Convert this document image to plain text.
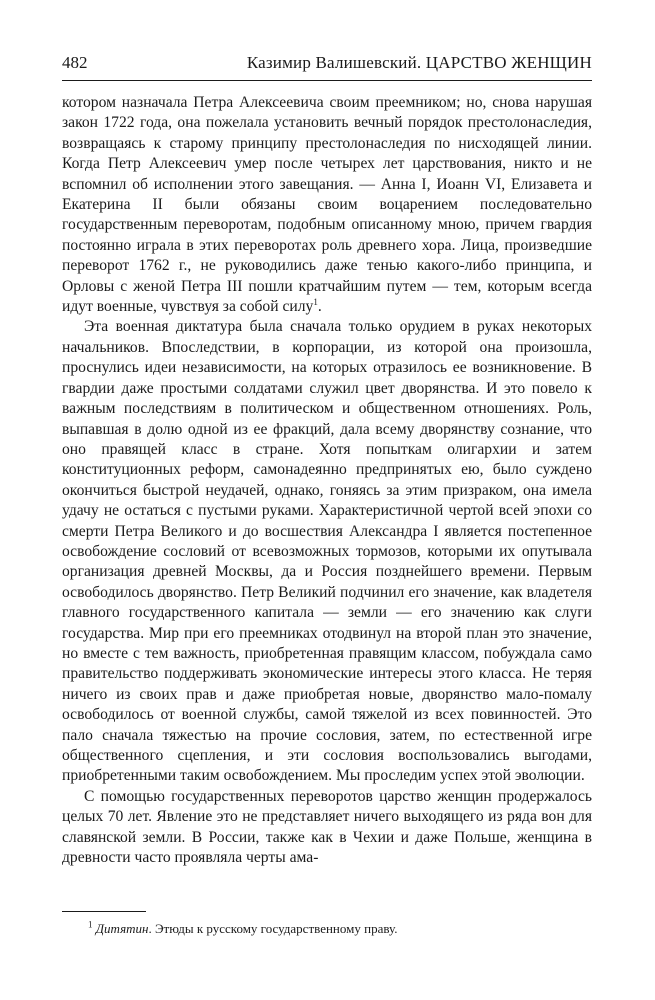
482	Казимир Валишевский. ЦАРСТВО ЖЕНЩИН

котором назначала Петра Алексеевича своим преемником; но, снова нарушая закон 1722 года, она пожелала установить вечный порядок престолонаследия, возвращаясь к старому принципу престолонаследия по нисходящей линии. Когда Петр Алексеевич умер после четырех лет царствования, никто и не вспомнил об исполнении этого завещания. — Анна I, Иоанн VI, Елизавета и Екатерина II были обязаны своим воцарением последовательно государственным переворотам, подобным описанному мною, причем гвардия постоянно играла в этих переворотах роль древнего хора. Лица, произведшие переворот 1762 г., не руководились даже тенью какого-либо принципа, и Орловы с женой Петра III пошли кратчайшим путем — тем, которым всегда идут военные, чувствуя за собой силу$^1$.

Эта военная диктатура была сначала только орудием в руках некоторых начальников. Впоследствии, в корпорации, из которой она произошла, проснулись идеи независимости, на которых отразилось ее возникновение. В гвардии даже простыми солдатами служил цвет дворянства. И это повело к важным последствиям в политическом и общественном отношениях. Роль, выпавшая в долю одной из ее фракций, дала всему дворянству сознание, что оно правящей класс в стране. Хотя попыткам олигархии и затем конституционных реформ, самонадеянно предпринятых ею, было суждено окончиться быстрой неудачей, однако, гоняясь за этим призраком, она имела удачу не остаться с пустыми руками. Характеристичной чертой всей эпохи со смерти Петра Великого и до восшествия Александра I является постепенное освобождение сословий от всевозможных тормозов, которыми их опутывала организация древней Москвы, да и Россия позднейшего времени. Первым освободилось дворянство. Петр Великий подчинил его значение, как владетеля главного государственного капитала — земли — его значению как слуги государства. Мир при его преемниках отодвинул на второй план это значение, но вместе с тем важность, приобретенная правящим классом, побуждала само правительство поддерживать экономические интересы этого класса. Не теряя ничего из своих прав и даже приобретая новые, дворянство мало-помалу освободилось от военной службы, самой тяжелой из всех повинностей. Это пало сначала тяжестью на прочие сословия, затем, по естественной игре общественного сцепления, и эти сословия воспользовались выгодами, приобретенными таким освобождением. Мы проследим успех этой эволюции.

С помощью государственных переворотов царство женщин продержалось целых 70 лет. Явление это не представляет ничего выходящего из ряда вон для славянской земли. В России, также как в Чехии и даже Польше, женщина в древности часто проявляла черты ама-

$^1$ Дитятин. Этюды к русскому государственному праву.
